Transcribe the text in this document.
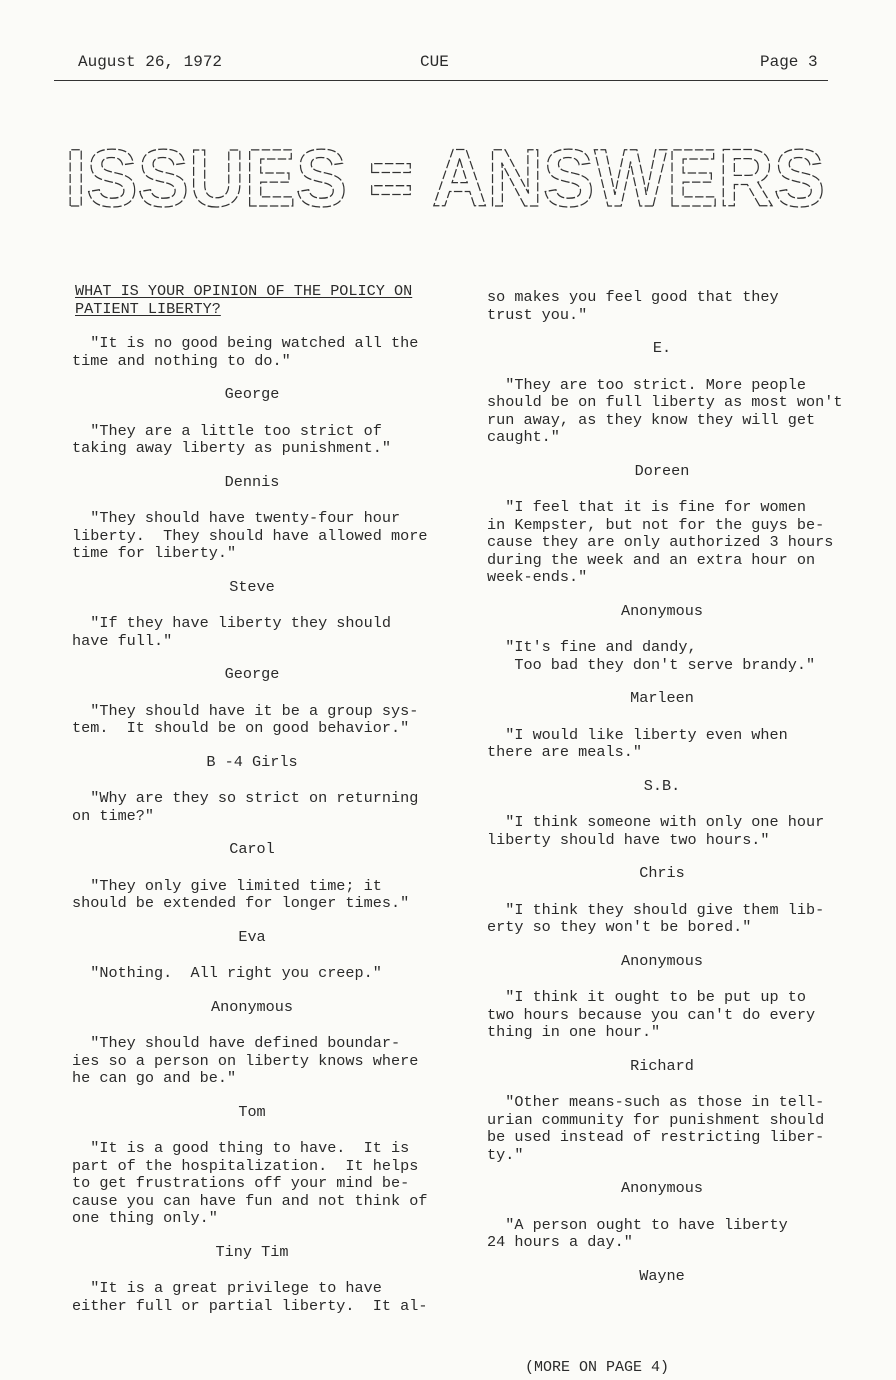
August 26, 1972	CUE	Page 3
ISSUES = ANSWERS

WHAT IS YOUR OPINION OF THE POLICY ON
PATIENT LIBERTY?

"It is no good being watched all the
time and nothing to do."

George

"They are a little too strict of
taking away liberty as punishment."

Dennis

"They should have twenty-four hour
liberty.  They should have allowed more
time for liberty."

Steve

"If they have liberty they should
have full."

George

"They should have it be a group sys-
tem.  It should be on good behavior."

B -4 Girls

"Why are they so strict on returning
on time?"

Carol

"They only give limited time; it
should be extended for longer times."

Eva

"Nothing.  All right you creep."

Anonymous

"They should have defined boundar-
ies so a person on liberty knows where
he can go and be."

Tom

"It is a good thing to have.  It is
part of the hospitalization.  It helps
to get frustrations off your mind be-
cause you can have fun and not think of
one thing only."

Tiny Tim

"It is a great privilege to have
either full or partial liberty.  It al-

so makes you feel good that they
trust you."

E.

"They are too strict. More people
should be on full liberty as most won't
run away, as they know they will get
caught."

Doreen

"I feel that it is fine for women
in Kempster, but not for the guys be-
cause they are only authorized 3 hours
during the week and an extra hour on
week-ends."

Anonymous

"It's fine and dandy,
Too bad they don't serve brandy."

Marleen

"I would like liberty even when
there are meals."

S.B.

"I think someone with only one hour
liberty should have two hours."

Chris

"I think they should give them lib-
erty so they won't be bored."

Anonymous

"I think it ought to be put up to
two hours because you can't do every
thing in one hour."

Richard

"Other means-such as those in tell-
urian community for punishment should
be used instead of restricting liber-
ty."

Anonymous

"A person ought to have liberty
24 hours a day."

Wayne

(MORE ON PAGE 4)
